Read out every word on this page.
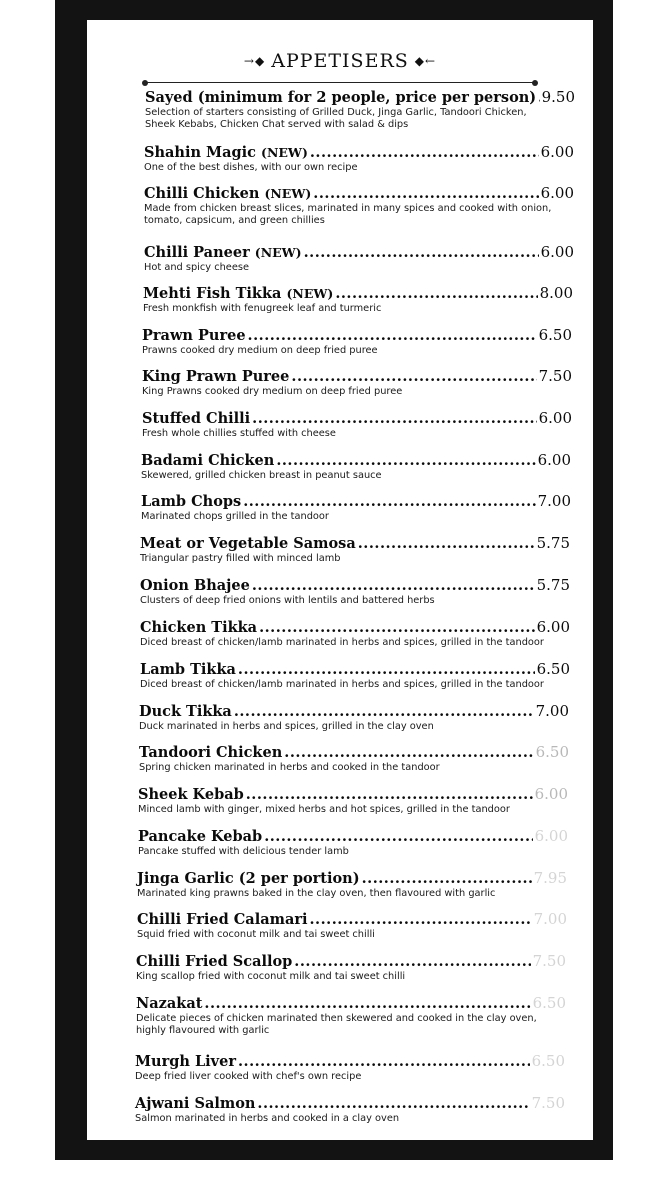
→◆ APPETISERS ◆←
Sayed (minimum for 2 people, price per person) ..... 9.50
Selection of starters consisting of Grilled Duck, Jinga Garlic, Tandoori Chicken,
Sheek Kebabs, Chicken Chat served with salad & dips
Shahin Magic (NEW) .....	6.00
One of the best dishes, with our own recipe
Chilli Chicken (NEW) .....	6.00
Made from chicken breast slices, marinated in many spices and cooked with onion,
tomato, capsicum, and green chillies
Chilli Paneer (NEW) .....	6.00
Hot and spicy cheese
Mehti Fish Tikka (NEW) .....	8.00
Fresh monkfish with fenugreek leaf and turmeric
Prawn Puree .....	6.50
Prawns cooked dry medium on deep fried puree
King Prawn Puree .....	7.50
King Prawns cooked dry medium on deep fried puree
Stuffed Chilli .....	6.00
Fresh whole chillies stuffed with cheese
Badami Chicken .....	6.00
Skewered, grilled chicken breast in peanut sauce
Lamb Chops .....	7.00
Marinated chops grilled in the tandoor
Meat or Vegetable Samosa .....	5.75
Triangular pastry filled with minced lamb
Onion Bhajee .....	5.75
Clusters of deep fried onions with lentils and battered herbs
Chicken Tikka .....	6.00
Diced breast of chicken/lamb marinated in herbs and spices, grilled in the tandoor
Lamb Tikka .....	6.50
Diced breast of chicken/lamb marinated in herbs and spices, grilled in the tandoor
Duck Tikka .....	7.00
Duck marinated in herbs and spices, grilled in the clay oven
Tandoori Chicken .....	6.50
Spring chicken marinated in herbs and cooked in the tandoor
Sheek Kebab .....	6.00
Minced lamb with ginger, mixed herbs and hot spices, grilled in the tandoor
Pancake Kebab .....	6.00
Pancake stuffed with delicious tender lamb
Jinga Garlic (2 per portion) .....	7.95
Marinated king prawns baked in the clay oven, then flavoured with garlic
Chilli Fried Calamari .....	7.00
Squid fried with coconut milk and tai sweet chilli
Chilli Fried Scallop .....	7.50
King scallop fried with coconut milk and tai sweet chilli
Nazakat .....	6.50
Delicate pieces of chicken marinated then skewered and cooked in the clay oven,
highly flavoured with garlic
Murgh Liver .....	6.50
Deep fried liver cooked with chef's own recipe
Ajwani Salmon .....	7.50
Salmon marinated in herbs and cooked in a clay oven
